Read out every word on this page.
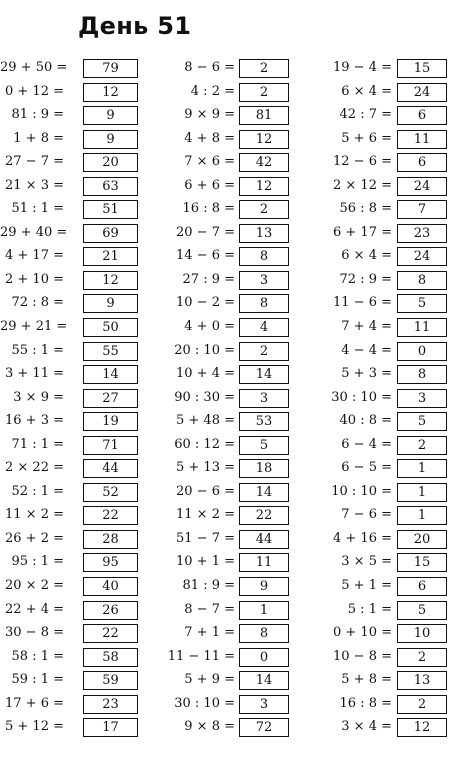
День 51
29 + 50 =	79
0 + 12 =	12
81 : 9 =	9
1 + 8 =	9
27 − 7 =	20
21 × 3 =	63
51 : 1 =	51
29 + 40 =	69
4 + 17 =	21
2 + 10 =	12
72 : 8 =	9
29 + 21 =	50
55 : 1 =	55
3 + 11 =	14
3 × 9 =	27
16 + 3 =	19
71 : 1 =	71
2 × 22 =	44
52 : 1 =	52
11 × 2 =	22
26 + 2 =	28
95 : 1 =	95
20 × 2 =	40
22 + 4 =	26
30 − 8 =	22
58 : 1 =	58
59 : 1 =	59
17 + 6 =	23
5 + 12 =	17
8 − 6 =	2
4 : 2 =	2
9 × 9 =	81
4 + 8 =	12
7 × 6 =	42
6 + 6 =	12
16 : 8 =	2
20 − 7 =	13
14 − 6 =	8
27 : 9 =	3
10 − 2 =	8
4 + 0 =	4
20 : 10 =	2
10 + 4 =	14
90 : 30 =	3
5 + 48 =	53
60 : 12 =	5
5 + 13 =	18
20 − 6 =	14
11 × 2 =	22
51 − 7 =	44
10 + 1 =	11
81 : 9 =	9
8 − 7 =	1
7 + 1 =	8
11 − 11 =	0
5 + 9 =	14
30 : 10 =	3
9 × 8 =	72
19 − 4 =	15
6 × 4 =	24
42 : 7 =	6
5 + 6 =	11
12 − 6 =	6
2 × 12 =	24
56 : 8 =	7
6 + 17 =	23
6 × 4 =	24
72 : 9 =	8
11 − 6 =	5
7 + 4 =	11
4 − 4 =	0
5 + 3 =	8
30 : 10 =	3
40 : 8 =	5
6 − 4 =	2
6 − 5 =	1
10 : 10 =	1
7 − 6 =	1
4 + 16 =	20
3 × 5 =	15
5 + 1 =	6
5 : 1 =	5
0 + 10 =	10
10 − 8 =	2
5 + 8 =	13
16 : 8 =	2
3 × 4 =	12
